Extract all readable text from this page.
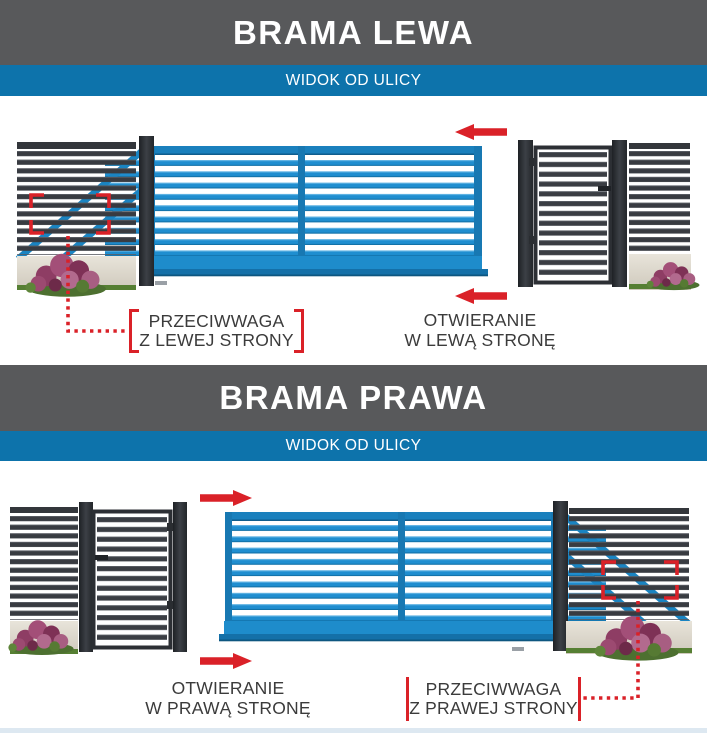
BRAMA LEWA
WIDOK OD ULICY
PRZECIWWAGA
Z LEWEJ STRONY
OTWIERANIE
W LEWĄ STRONĘ
BRAMA PRAWA
WIDOK OD ULICY
OTWIERANIE
W PRAWĄ STRONĘ
PRZECIWWAGA
Z PRAWEJ STRONY
